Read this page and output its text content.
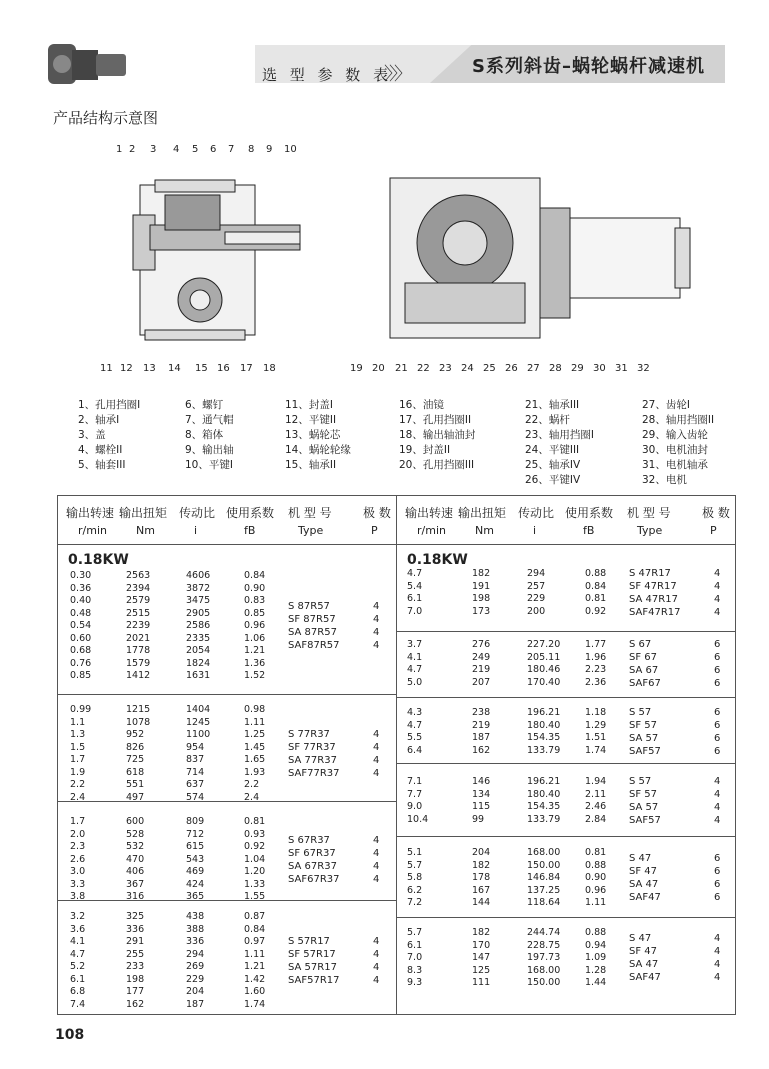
选 型 参 数 表
〉〉〉	S系列斜齿–蜗轮蜗杆减速机
产品结构示意图
1 2 3 4 5 6 7 8 9 10
11 12 13 14 15 16 17 18	19 20 21 22 23 24 25 26 27 28 29 30 31 32
1、孔用挡圈I
2、轴承I
3、盖
4、螺栓II
5、轴套III
6、螺钉
7、通气帽
8、箱体
9、输出轴
10、平键I
11、封盖I
12、平键II
13、蜗轮芯
14、蜗轮轮缘
15、轴承II
16、油镜
17、孔用挡圈II
18、输出轴油封
19、封盖II
20、孔用挡圈III
21、轴承III
22、蜗杆
23、轴用挡圈I
24、平键III
25、轴承IV
26、平键IV
27、齿轮I
28、轴用挡圈II
29、输入齿轮
30、电机油封
31、电机轴承
32、电机
输出转速 输出扭矩 传动比 使用系数 机 型 号	极 数
r/min	Nm	i	fB	Type	P
0.18KW
0.30	2563	4606	0.84
0.36	2394	3872	0.90
0.40	2579	3475	0.83
0.48	2515	2905	0.85
0.54	2239	2586	0.96
0.60	2021	2335	1.06
0.68	1778	2054	1.21
0.76	1579	1824	1.36
0.85	1412	1631	1.52
S 87R57	4
SF 87R57	4
SA 87R57	4
SAF87R57	4
0.99	1215	1404	0.98
1.1	1078	1245	1.11
1.3	952	1100	1.25
1.5	826	954	1.45
1.7	725	837	1.65
1.9	618	714	1.93
2.2	551	637	2.2
2.4	497	574	2.4
S 77R37	4
SF 77R37	4
SA 77R37	4
SAF77R37	4
1.7	600	809	0.81
2.0	528	712	0.93
2.3	532	615	0.92
2.6	470	543	1.04
3.0	406	469	1.20
3.3	367	424	1.33
3.8	316	365	1.55
S 67R37	4
SF 67R37	4
SA 67R37	4
SAF67R37	4
3.2	325	438	0.87
3.6	336	388	0.84
4.1	291	336	0.97
4.7	255	294	1.11
5.2	233	269	1.21
6.1	198	229	1.42
6.8	177	204	1.60
7.4	162	187	1.74
S 57R17	4
SF 57R17	4
SA 57R17	4
SAF57R17	4
输出转速 输出扭矩 传动比 使用系数 机 型 号	极 数
r/min	Nm	i	fB	Type	P
0.18KW
4.7	182	294	0.88
5.4	191	257	0.84
6.1	198	229	0.81
7.0	173	200	0.92
S 47R17	4
SF 47R17	4
SA 47R17	4
SAF47R17	4
3.7	276	227.20	1.77
4.1	249	205.11	1.96
4.7	219	180.46	2.23
5.0	207	170.40	2.36
S 67	6
SF 67	6
SA 67	6
SAF67	6
4.3	238	196.21	1.18
4.7	219	180.40	1.29
5.5	187	154.35	1.51
6.4	162	133.79	1.74
S 57	6
SF 57	6
SA 57	6
SAF57	6
7.1	146	196.21	1.94
7.7	134	180.40	2.11
9.0	115	154.35	2.46
10.4	99	133.79	2.84
S 57	4
SF 57	4
SA 57	4
SAF57	4
5.1	204	168.00	0.81
5.7	182	150.00	0.88
5.8	178	146.84	0.90
6.2	167	137.25	0.96
7.2	144	118.64	1.11
S 47	6
SF 47	6
SA 47	6
SAF47	6
5.7	182	244.74	0.88
6.1	170	228.75	0.94
7.0	147	197.73	1.09
8.3	125	168.00	1.28
9.3	111	150.00	1.44
S 47	4
SF 47	4
SA 47	4
SAF47	4
108
